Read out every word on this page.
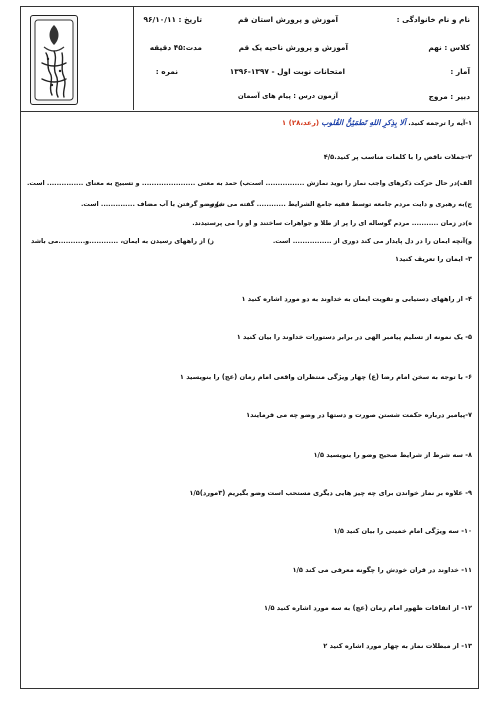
نام و نام خانوادگی :
کلاس : نهم
آمار :
دبیر : مروج
آموزش و پرورش استان قم
آموزش و پرورش ناحیه یک قم
امتحانات نوبت اول - ۱۳۹۷-۱۳۹۶
آزمون درس : پیام های آسمان
تاریخ : ۹۶/۱۰/۱۱
مدت:۴۵ دقیقه
نمره :
۱-آیه را ترجمه کنید. اَلا بِذِکرِ اللهِ تَطمَئِنُّ القُلوب (رعد،۲۸) ۱
۲-جملات ناقص را با کلمات مناسب پر کنید.۴/۵
الف)در حال حرکت ذکرهای واجب نماز را بوید نمازش ................ است.
ب) حمد به معنی ...................... و تسبیح به معنای ............... است.
ج)به رهبری و دایت مردم جامعه توسط فقیه جامع الشرایط ............ گفته می شود.
د) وضو گرفتن با آب مضاف .............. است.
ه)در زمان ........... مردم گوساله ای را پر از طلا و جواهرات ساختند و او را می پرستیدند.
و)آنچه ایمان را در دل پایدار می کند دوری از ................ است.
ز) از راههای رسیدن به ایمان، ............و...........می باشد
۳- ایمان را تعریف کنید۱
۴- از راههای دستیابی و تقویت ایمان به خداوند به دو مورد اشاره کنید ۱
۵- یک نمونه از تسلیم پیامبر الهی در برابر دستورات خداوند را بیان کنید ۱
۶- با توجه به سخن امام رضا (ع) چهار ویژگی منتظران واقعی امام زمان (عج) را بنویسید ۱
۷-پیامبر درباره حکمت شستن صورت و دستها در وضو چه می فرمایند۱
۸- سه شرط از شرایط صحیح وضو را بنویسید ۱/۵
۹- علاوه بر نماز خواندن برای چه چیز هایی دیگری مستحب است وضو بگیریم (۳مورد)۱/۵
۱۰- سه ویژگی امام خمینی را بیان کنید ۱/۵
۱۱- خداوند در قران خودش را چگونه معرفی می کند ۱/۵
۱۲- از اتفاقات ظهور امام زمان (عج) به سه مورد اشاره کنید ۱/۵
۱۳- از مبطلات نماز به چهار مورد اشاره کنید ۲
